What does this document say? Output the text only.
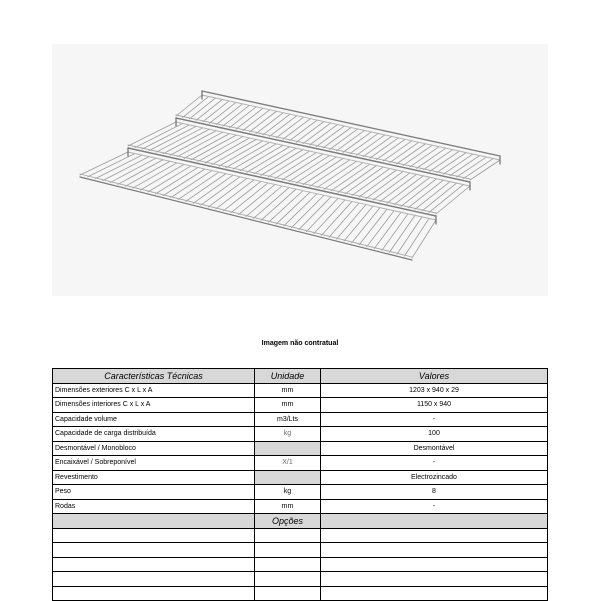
Imagem não contratual
Características Técnicas	Unidade	Valores
Dimensões exteriores C x L x A	mm	1203 x 940 x 29
Dimensões interiores C x L x A	mm	1150 x 940
Capacidade volume	m3/Lts	-
Capacidade de carga distribuída	kg	100
Desmontável / Monobloco		Desmontável
Encaixável / Sobreponível	X/1	-
Revestimento		Electrozincado
Peso	kg	8
Rodas	mm	-
	Opções	
